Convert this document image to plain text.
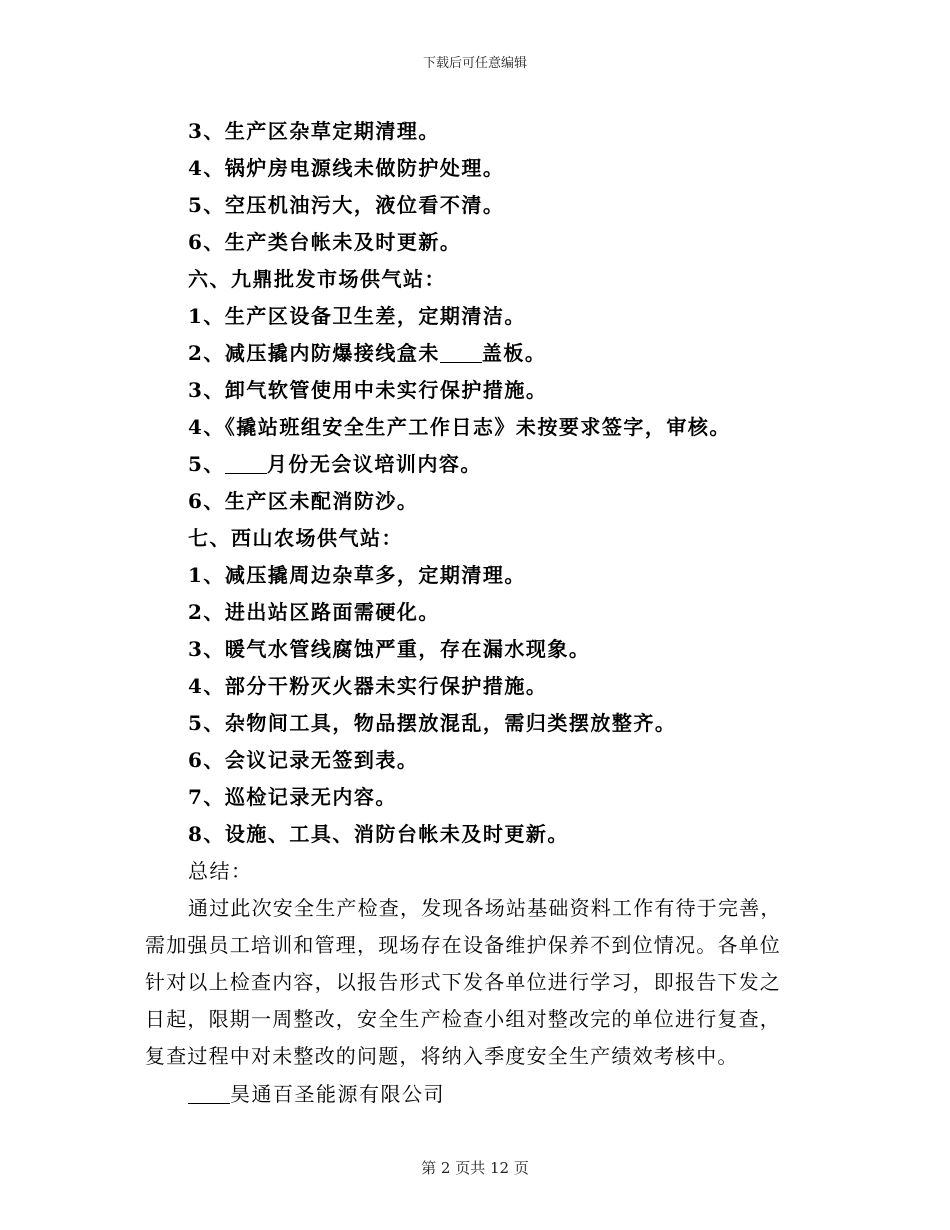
下载后可任意编辑
3、生产区杂草定期清理。
4、锅炉房电源线未做防护处理。
5、空压机油污大，液位看不清。
6、生产类台帐未及时更新。
六、九鼎批发市场供气站：
1、生产区设备卫生差，定期清洁。
2、减压撬内防爆接线盒未 盖板。
3、卸气软管使用中未实行保护措施。
4、《撬站班组安全生产工作日志》未按要求签字，审核。
5、 月份无会议培训内容。
6、生产区未配消防沙。
七、西山农场供气站：
1、减压撬周边杂草多，定期清理。
2、进出站区路面需硬化。
3、暖气水管线腐蚀严重，存在漏水现象。
4、部分干粉灭火器未实行保护措施。
5、杂物间工具，物品摆放混乱，需归类摆放整齐。
6、会议记录无签到表。
7、巡检记录无内容。
8、设施、工具、消防台帐未及时更新。
总结：
通过此次安全生产检查，发现各场站基础资料工作有待于完善，
需加强员工培训和管理，现场存在设备维护保养不到位情况。各单位
针对以上检查内容，以报告形式下发各单位进行学习，即报告下发之
日起，限期一周整改，安全生产检查小组对整改完的单位进行复查，
复查过程中对未整改的问题，将纳入季度安全生产绩效考核中。
昊通百圣能源有限公司
第 2 页共 12 页
